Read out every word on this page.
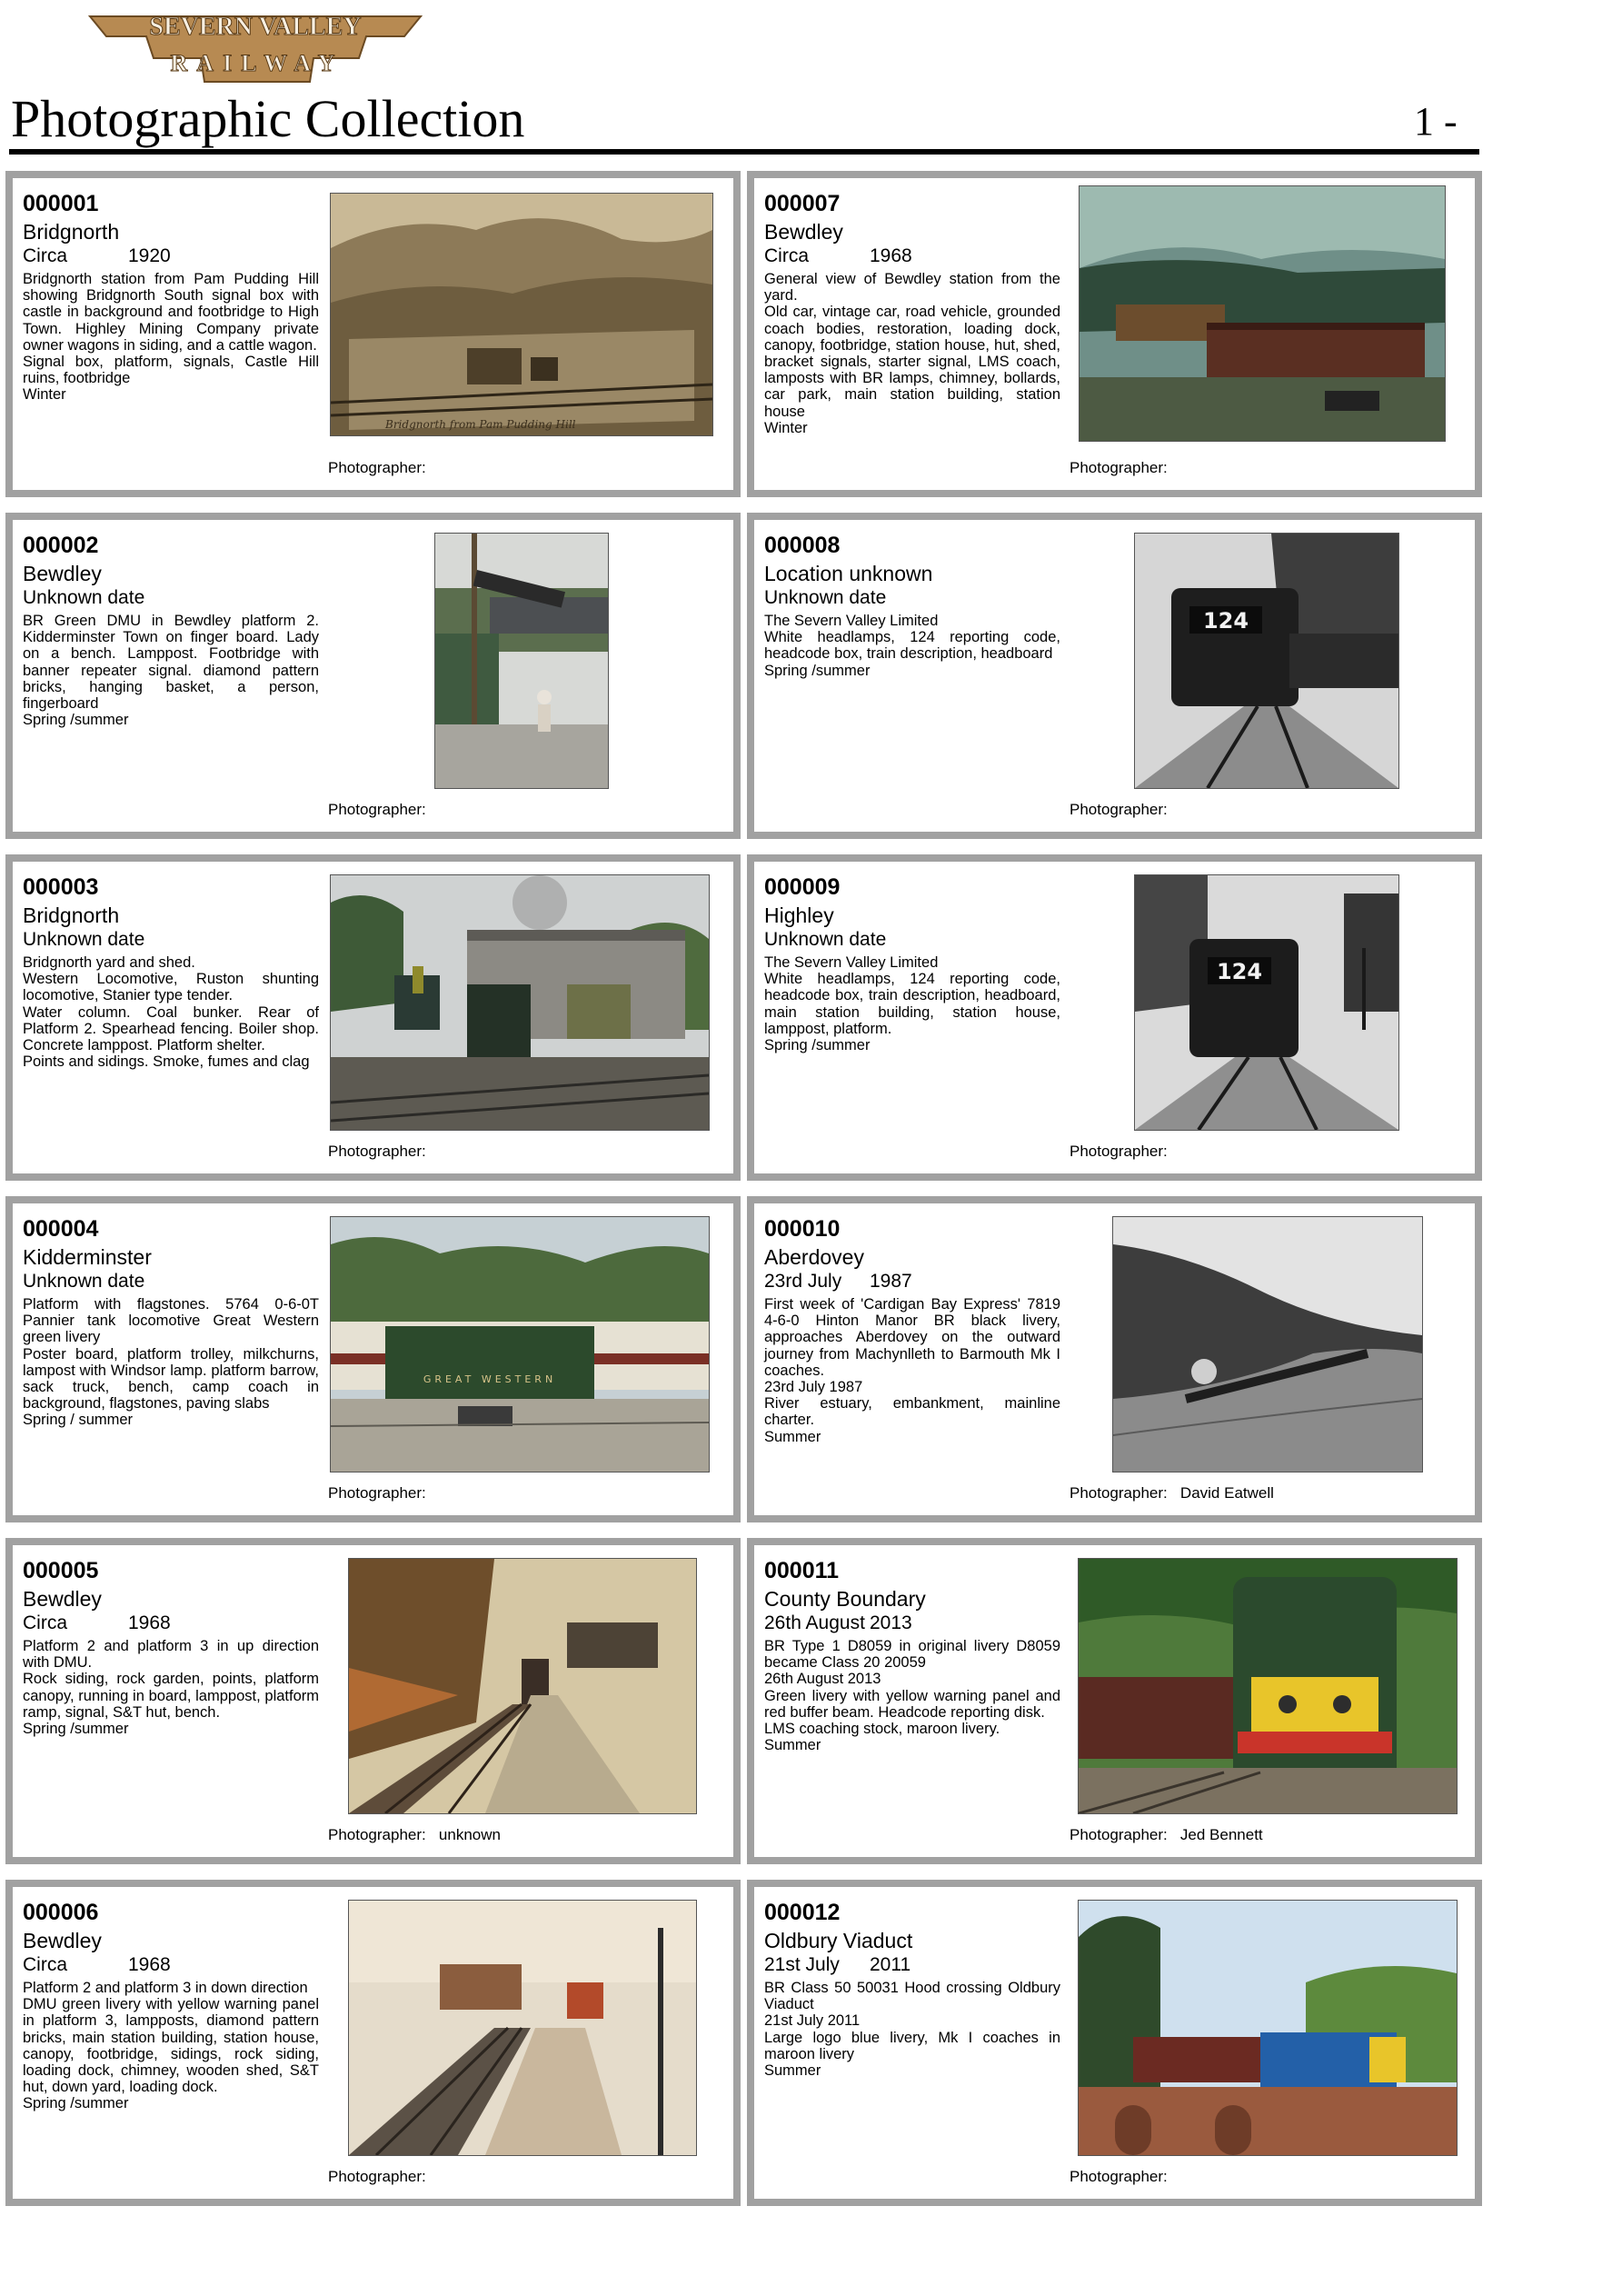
SEVERN VALLEY
RAILWAY
Photographic Collection	1 -
000001
Bridgnorth
Circa	1920
Bridgnorth station from Pam Pudding Hill showing Bridgnorth South signal box with castle in background and footbridge to High Town. Highley Mining Company private owner wagons in siding, and a cattle wagon.
Signal box, platform, signals, Castle Hill ruins, footbridge
Winter
Bridgnorth from Pam Pudding Hill
Photographer:
000007
Bewdley
Circa	1968
General view of Bewdley station from the yard.
Old car, vintage car, road vehicle, grounded coach bodies, restoration, loading dock, canopy, footbridge, station house, hut, shed, bracket signals, starter signal, LMS coach, lamposts with BR lamps, chimney, bollards, car park, main station building, station house
Winter
Photographer:
000002
Bewdley
Unknown date
BR Green DMU in Bewdley platform 2. Kidderminster Town on finger board. Lady on a bench. Lamppost. Footbridge with banner repeater signal. diamond pattern bricks, hanging basket, a person, fingerboard
Spring /summer
Photographer:
000008
Location unknown
Unknown date
The Severn Valley Limited
White headlamps, 124 reporting code, headcode box, train description, headboard
Spring /summer
124
Photographer:
000003
Bridgnorth
Unknown date
Bridgnorth yard and shed.
Western Locomotive, Ruston shunting locomotive, Stanier type tender.
Water column. Coal bunker. Rear of Platform 2. Spearhead fencing. Boiler shop. Concrete lamppost. Platform shelter.
Points and sidings. Smoke, fumes and clag
Photographer:
000009
Highley
Unknown date
The Severn Valley Limited
White headlamps, 124 reporting code, headcode box, train description, headboard, main station building, station house, lamppost, platform.
Spring /summer
124
Photographer:
000004
Kidderminster
Unknown date
Platform with flagstones. 5764 0-6-0T Pannier tank locomotive Great Western green livery
Poster board, platform trolley, milkchurns, lampost with Windsor lamp. platform barrow, sack truck, bench, camp coach in background, flagstones, paving slabs
Spring / summer
GREAT WESTERN
Photographer:
000010
Aberdovey
23rd July 1987
First week of 'Cardigan Bay Express' 7819 4-6-0 Hinton Manor BR black livery, approaches Aberdovey on the outward journey from Machynlleth to Barmouth Mk I coaches.
23rd July 1987
River estuary, embankment, mainline charter.
Summer
Photographer: David Eatwell
000005
Bewdley
Circa	1968
Platform 2 and platform 3 in up direction with DMU.
Rock siding, rock garden, points, platform canopy, running in board, lamppost, platform ramp, signal, S&T hut, bench.
Spring /summer
Photographer: unknown
000011
County Boundary
26th August 2013
BR Type 1 D8059 in original livery D8059 became Class 20 20059
26th August 2013
Green livery with yellow warning panel and red buffer beam. Headcode reporting disk.
LMS coaching stock, maroon livery.
Summer
Photographer: Jed Bennett
000006
Bewdley
Circa	1968
Platform 2 and platform 3 in down direction
DMU green livery with yellow warning panel in platform 3, lampposts, diamond pattern bricks, main station building, station house, canopy, footbridge, sidings, rock siding, loading dock, chimney, wooden shed, S&T hut, down yard, loading dock.
Spring /summer
Photographer:
000012
Oldbury Viaduct
21st July 2011
BR Class 50 50031 Hood crossing Oldbury Viaduct
21st July 2011
Large logo blue livery, Mk I coaches in maroon livery
Summer
Photographer:
